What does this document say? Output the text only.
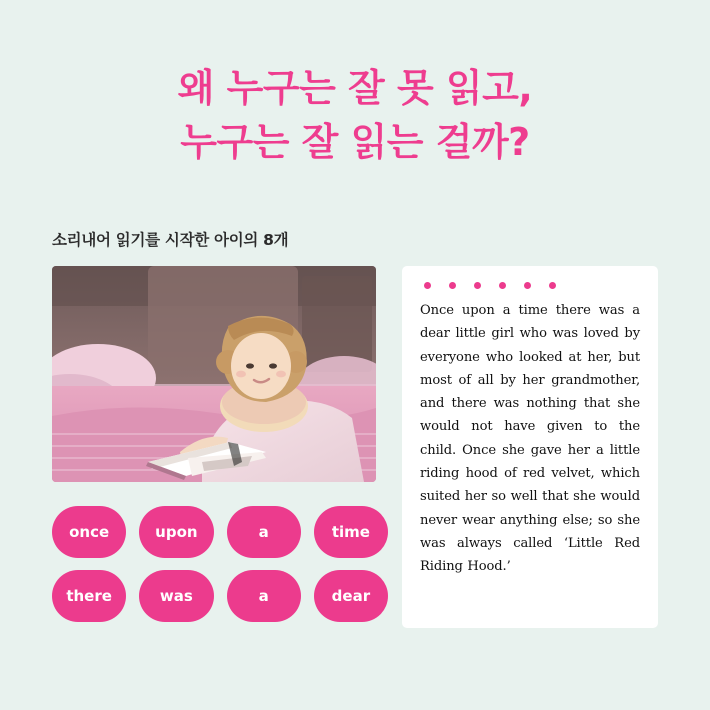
왜 누구는 잘 못 읽고,
누구는 잘 읽는 걸까?
소리내어 읽기를 시작한 아이의 8개
once	upon	a	time
there	was	a	dear
Once upon a time there was a dear little girl who was loved by everyone who looked at her, but most of all by her grandmother, and there was nothing that she would not have given to the child. Once she gave her a little riding hood of red velvet, which suited her so well that she would never wear anything else; so she was always called ‘Little Red Riding Hood.’
